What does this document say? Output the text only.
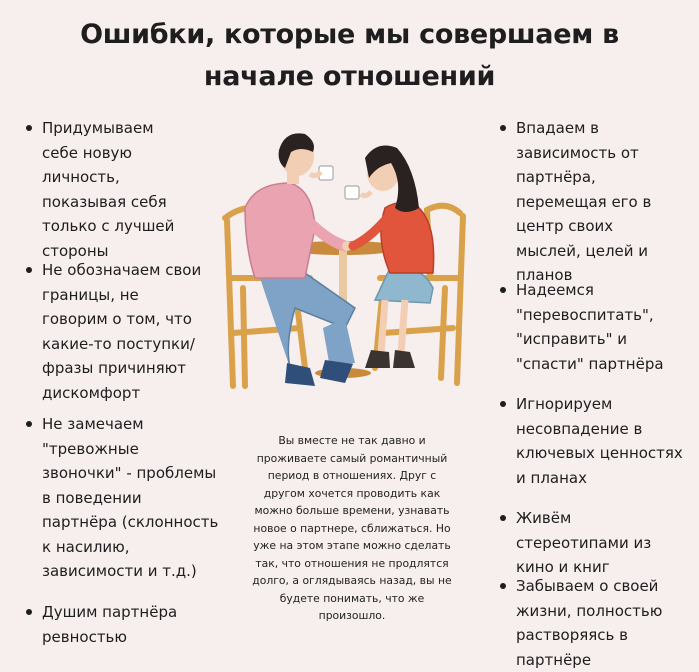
Ошибки, которые мы совершаем в
начале отношений
Придумываем себе новую личность, показывая себя только с лучшей стороны
Не обозначаем свои границы, не говорим о том, что какие-то поступки/фразы причиняют дискомфорт
Не замечаем "тревожные звоночки" - проблемы в поведении партнёра (склонность к насилию, зависимости и т.д.)
Душим партнёра ревностью
Впадаем в зависимость от партнёра, перемещая его в центр своих мыслей, целей и планов
Надеемся "перевоспитать", "исправить" и "спасти" партнёра
Игнорируем несовпадение в ключевых ценностях и планах
Живём стереотипами из кино и книг
Забываем о своей жизни, полностью растворяясь в партнёре
Вы вместе не так давно и проживаете самый романтичный период в отношениях. Друг с другом хочется проводить как можно больше времени, узнавать новое о партнере, сближаться. Но уже на этом этапе можно сделать так, что отношения не продлятся долго, а оглядываясь назад, вы не будете понимать, что же произошло.
